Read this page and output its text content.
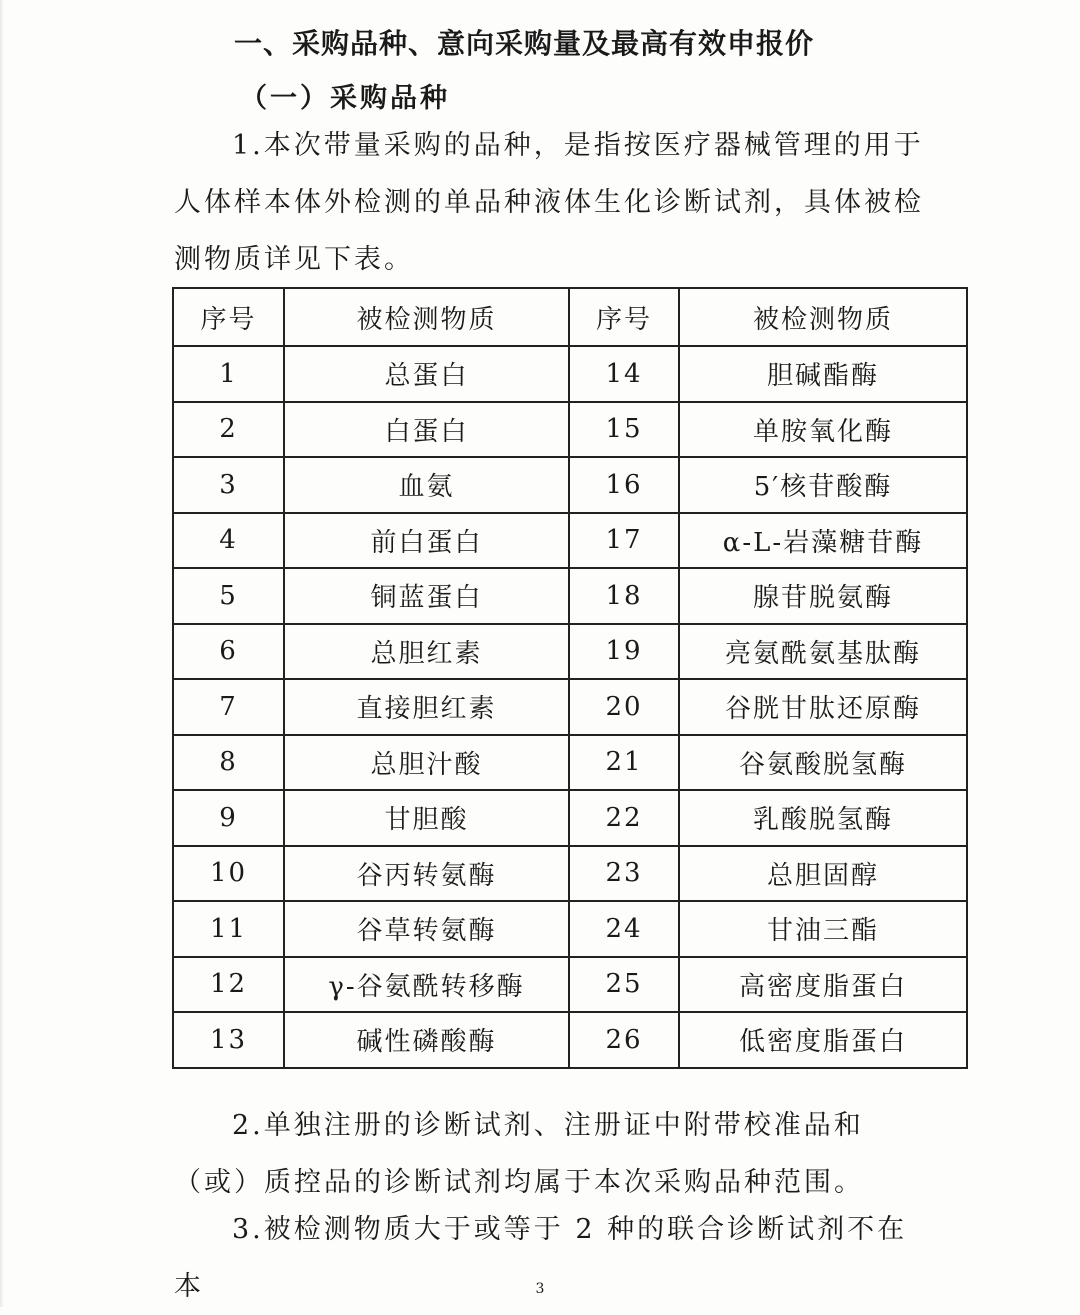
一、采购品种、意向采购量及最高有效申报价
（一）采购品种

1.本次带量采购的品种，是指按医疗器械管理的用于人体样本体外检测的单品种液体生化诊断试剂，具体被检测物质详见下表。

序号	被检测物质	序号	被检测物质
1	总蛋白	14	胆碱酯酶
2	白蛋白	15	单胺氧化酶
3	血氨	16	5′核苷酸酶
4	前白蛋白	17	α-L-岩藻糖苷酶
5	铜蓝蛋白	18	腺苷脱氨酶
6	总胆红素	19	亮氨酰氨基肽酶
7	直接胆红素	20	谷胱甘肽还原酶
8	总胆汁酸	21	谷氨酸脱氢酶
9	甘胆酸	22	乳酸脱氢酶
10	谷丙转氨酶	23	总胆固醇
11	谷草转氨酶	24	甘油三酯
12	γ-谷氨酰转移酶	25	高密度脂蛋白
13	碱性磷酸酶	26	低密度脂蛋白

2.单独注册的诊断试剂、注册证中附带校准品和（或）质控品的诊断试剂均属于本次采购品种范围。

3.被检测物质大于或等于 2 种的联合诊断试剂不在本	3
